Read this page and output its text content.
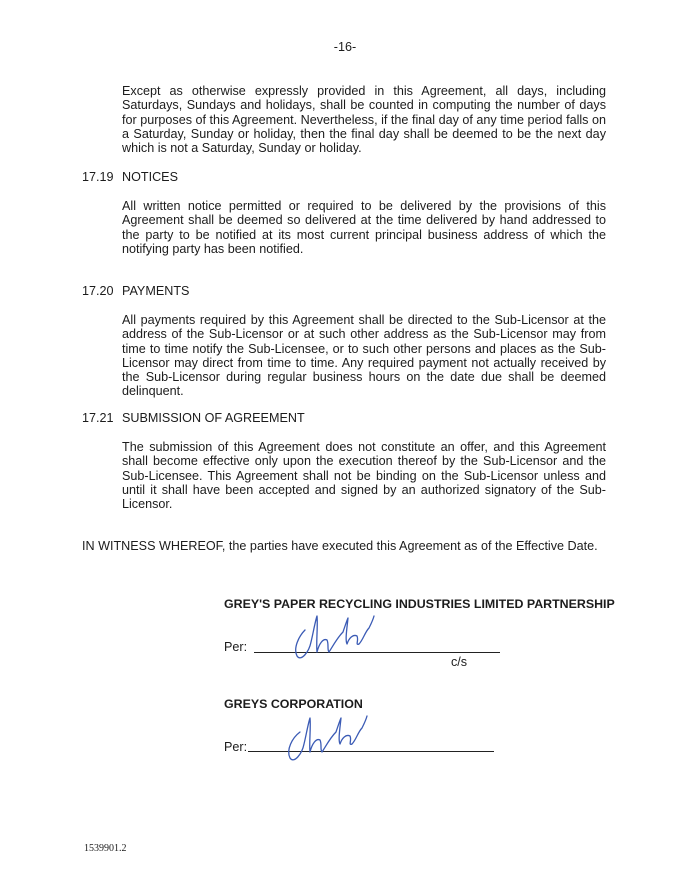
-16-

Except as otherwise expressly provided in this Agreement, all days, including Saturdays, Sundays and holidays, shall be counted in computing the number of days for purposes of this Agreement. Nevertheless, if the final day of any time period falls on a Saturday, Sunday or holiday, then the final day shall be deemed to be the next day which is not a Saturday, Sunday or holiday.

17.19 NOTICES

All written notice permitted or required to be delivered by the provisions of this Agreement shall be deemed so delivered at the time delivered by hand addressed to the party to be notified at its most current principal business address of which the notifying party has been notified.

17.20 PAYMENTS

All payments required by this Agreement shall be directed to the Sub-Licensor at the address of the Sub-Licensor or at such other address as the Sub-Licensor may from time to time notify the Sub-Licensee, or to such other persons and places as the Sub-Licensor may direct from time to time. Any required payment not actually received by the Sub-Licensor during regular business hours on the date due shall be deemed delinquent.

17.21 SUBMISSION OF AGREEMENT

The submission of this Agreement does not constitute an offer, and this Agreement shall become effective only upon the execution thereof by the Sub-Licensor and the Sub-Licensee. This Agreement shall not be binding on the Sub-Licensor unless and until it shall have been accepted and signed by an authorized signatory of the Sub-Licensor.

IN WITNESS WHEREOF, the parties have executed this Agreement as of the Effective Date.
GREY'S PAPER RECYCLING INDUSTRIES LIMITED PARTNERSHIP
Per:
c/s
GREYS CORPORATION
Per:
1539901.2
